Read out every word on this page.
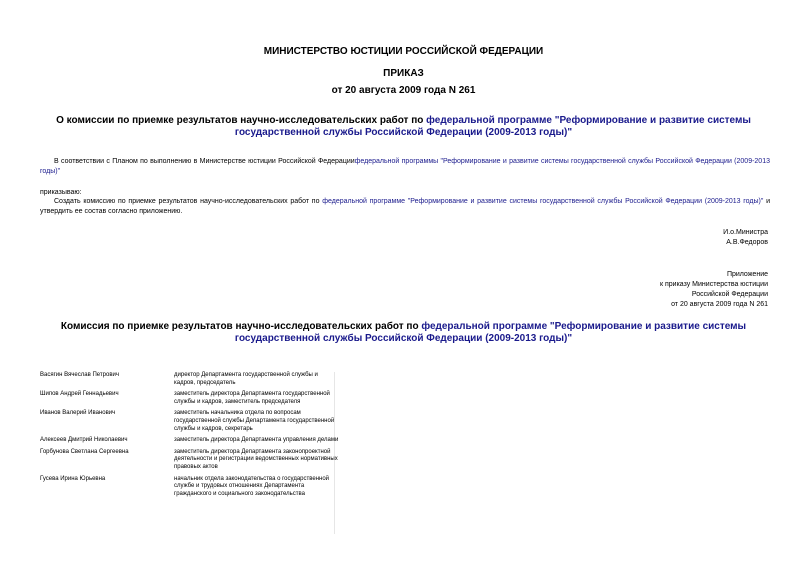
МИНИСТЕРСТВО ЮСТИЦИИ РОССИЙСКОЙ ФЕДЕРАЦИИ
ПРИКАЗ
от 20 августа 2009 года N 261
О комиссии по приемке результатов научно-исследовательских работ по федеральной программе "Реформирование и развитие системы государственной службы Российской Федерации (2009-2013 годы)"
В соответствии с Планом по выполнению в Министерстве юстиции Российской Федерациифедеральной программы "Реформирование и развитие системы государственной службы Российской Федерации (2009-2013 годы)"
приказываю:
Создать комиссию по приемке результатов научно-исследовательских работ по федеральной программе "Реформирование и развитие системы государственной службы Российской Федерации (2009-2013 годы)" и утвердить ее состав согласно приложению.
И.о.Министра
А.В.Федоров
Приложение
к приказу Министерства юстиции
Российской Федерации
от 20 августа 2009 года N 261
Комиссия по приемке результатов научно-исследовательских работ по федеральной программе "Реформирование и развитие системы государственной службы Российской Федерации (2009-2013 годы)"
Васягин Вячеслав Петрович	директор Департамента государственной службы и кадров, председатель
Шипов Андрей Геннадьевич	заместитель директора Департамента государственной службы и кадров, заместитель председателя
Иванов Валерий Иванович	заместитель начальника отдела по вопросам государственной службы Департамента государственной службы и кадров, секретарь
Алексеев Дмитрий Николаевич	заместитель директора Департамента управления делами
Горбунова Светлана Сергеевна	заместитель директора Департамента законопроектной деятельности и регистрации ведомственных нормативных правовых актов
Гусева Ирина Юрьевна	начальник отдела законодательства о государственной службе и трудовых отношениях Департамента гражданского и социального законодательства
